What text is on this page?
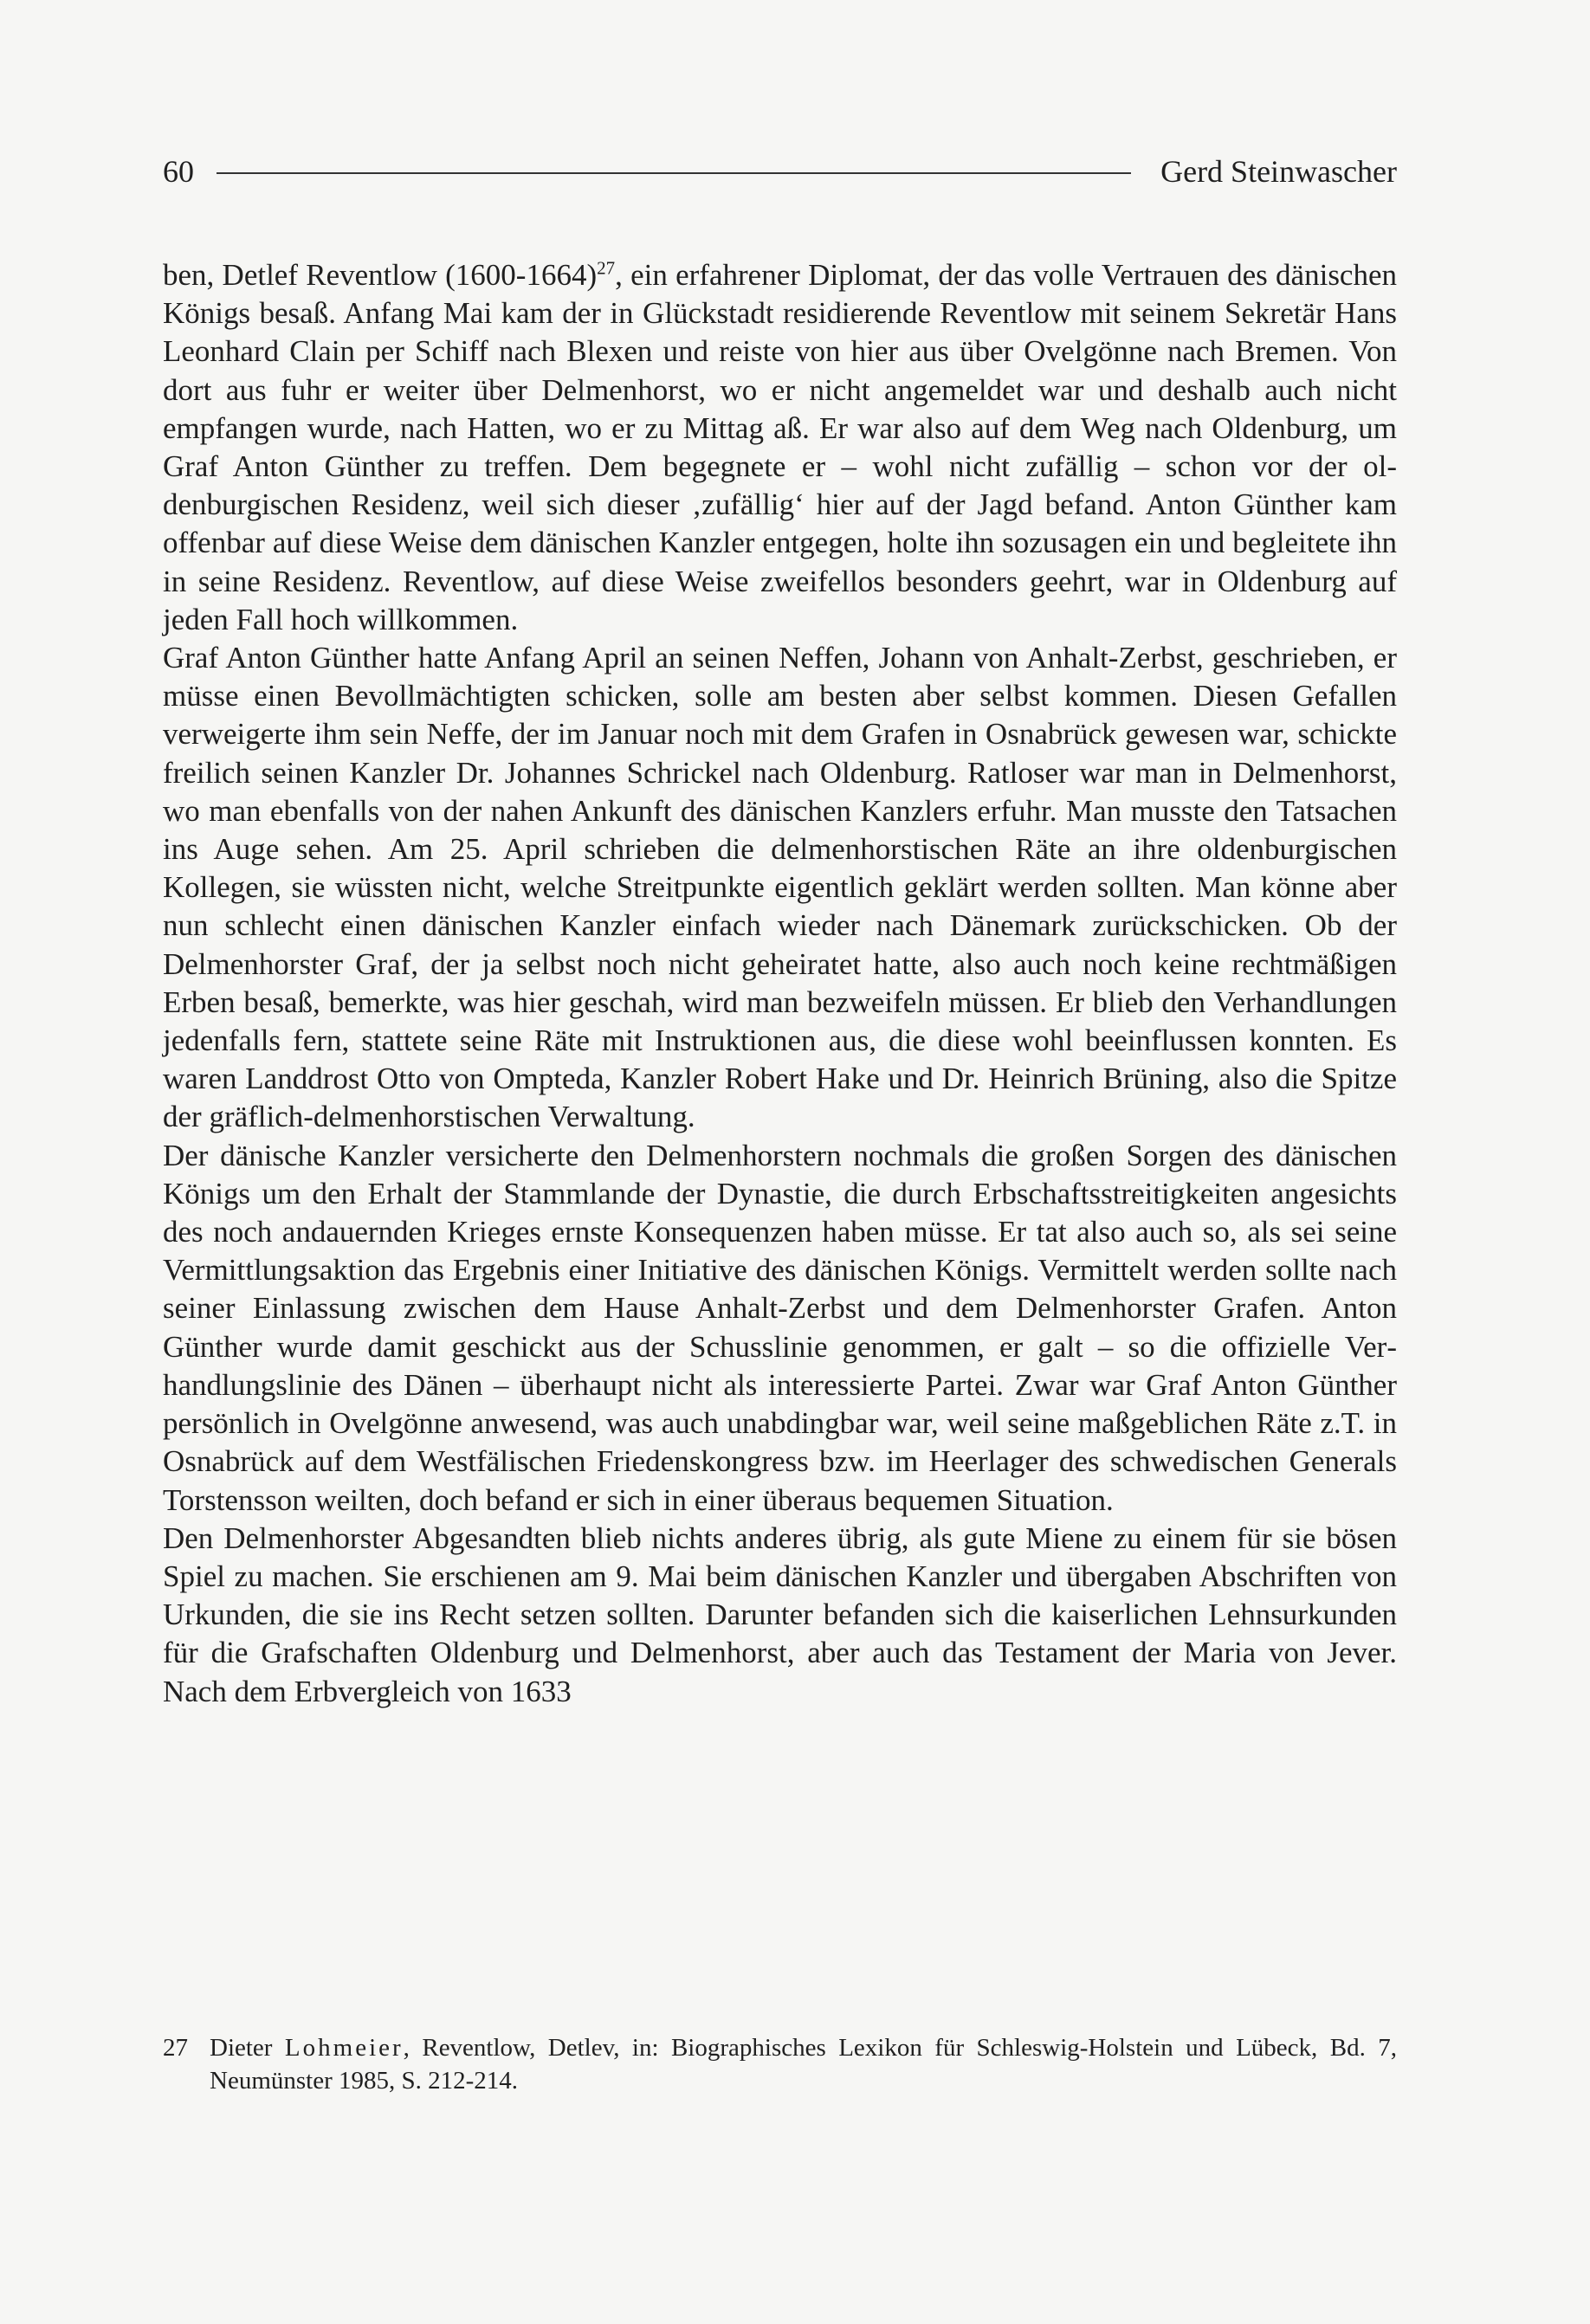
60	Gerd Steinwascher

ben, Detlef Reventlow (1600-1664)$^{27}$, ein erfahrener Diplomat, der das volle Vertrauen des dänischen Königs besaß. Anfang Mai kam der in Glückstadt residierende Reventlow mit seinem Sekretär Hans Leonhard Clain per Schiff nach Blexen und reiste von hier aus über Ovelgönne nach Bremen. Von dort aus fuhr er weiter über Delmenhorst, wo er nicht angemeldet war und deshalb auch nicht empfangen wurde, nach Hatten, wo er zu Mittag aß. Er war also auf dem Weg nach Oldenburg, um Graf Anton Günther zu treffen. Dem begegnete er – wohl nicht zufällig – schon vor der oldenburgischen Residenz, weil sich dieser ‚zufällig‘ hier auf der Jagd befand. Anton Günther kam offenbar auf diese Weise dem dänischen Kanzler entgegen, holte ihn sozusagen ein und begleitete ihn in seine Residenz. Reventlow, auf diese Weise zweifellos besonders geehrt, war in Oldenburg auf jeden Fall hoch willkommen.

Graf Anton Günther hatte Anfang April an seinen Neffen, Johann von Anhalt-Zerbst, geschrieben, er müsse einen Bevollmächtigten schicken, solle am besten aber selbst kommen. Diesen Gefallen verweigerte ihm sein Neffe, der im Januar noch mit dem Grafen in Osnabrück gewesen war, schickte freilich seinen Kanzler Dr. Johannes Schrickel nach Oldenburg. Ratloser war man in Delmenhorst, wo man ebenfalls von der nahen Ankunft des dänischen Kanzlers erfuhr. Man musste den Tatsachen ins Auge sehen. Am 25. April schrieben die delmenhorstischen Räte an ihre oldenburgischen Kollegen, sie wüssten nicht, welche Streitpunkte eigentlich geklärt werden sollten. Man könne aber nun schlecht einen dänischen Kanzler einfach wieder nach Dänemark zurückschicken. Ob der Delmenhorster Graf, der ja selbst noch nicht geheiratet hatte, also auch noch keine rechtmäßigen Erben besaß, bemerkte, was hier geschah, wird man bezweifeln müssen. Er blieb den Verhandlungen jedenfalls fern, stattete seine Räte mit Instruktionen aus, die diese wohl beeinflussen konnten. Es waren Landdrost Otto von Ompteda, Kanzler Robert Hake und Dr. Heinrich Brüning, also die Spitze der gräflich-delmenhorstischen Verwaltung.

Der dänische Kanzler versicherte den Delmenhorstern nochmals die großen Sorgen des dänischen Königs um den Erhalt der Stammlande der Dynastie, die durch Erbschaftsstreitigkeiten angesichts des noch andauernden Krieges ernste Konsequenzen haben müsse. Er tat also auch so, als sei seine Vermittlungsaktion das Ergebnis einer Initiative des dänischen Königs. Vermittelt werden sollte nach seiner Einlassung zwischen dem Hause Anhalt-Zerbst und dem Delmenhorster Grafen. Anton Günther wurde damit geschickt aus der Schusslinie genommen, er galt – so die offizielle Verhandlungslinie des Dänen – überhaupt nicht als interessierte Partei. Zwar war Graf Anton Günther persönlich in Ovelgönne anwesend, was auch unabdingbar war, weil seine maßgeblichen Räte z.T. in Osnabrück auf dem Westfälischen Friedenskongress bzw. im Heerlager des schwedischen Generals Torstensson weilten, doch befand er sich in einer überaus bequemen Situation.

Den Delmenhorster Abgesandten blieb nichts anderes übrig, als gute Miene zu einem für sie bösen Spiel zu machen. Sie erschienen am 9. Mai beim dänischen Kanzler und übergaben Abschriften von Urkunden, die sie ins Recht setzen sollten. Darunter befanden sich die kaiserlichen Lehnsurkunden für die Grafschaften Oldenburg und Delmenhorst, aber auch das Testament der Maria von Jever. Nach dem Erbvergleich von 1633

27 Dieter Lohmeier, Reventlow, Detlev, in: Biographisches Lexikon für Schleswig-Holstein und Lübeck, Bd. 7, Neumünster 1985, S. 212-214.
